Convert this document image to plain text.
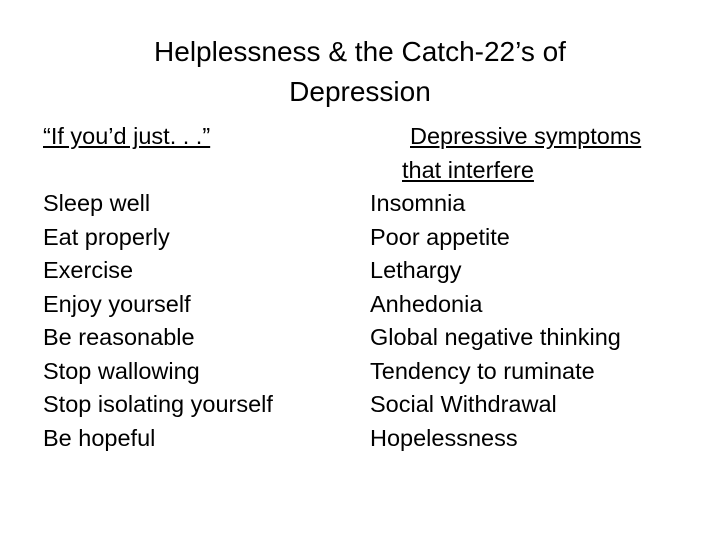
Helplessness & the Catch-22’s of
Depression
“If you’d just. . .”
Sleep well
Eat properly
Exercise
Enjoy yourself
Be reasonable
Stop wallowing
Stop isolating yourself
Be hopeful
Depressive symptoms
that interfere
Insomnia
Poor appetite
Lethargy
Anhedonia
Global negative thinking
Tendency to ruminate
Social Withdrawal
Hopelessness
